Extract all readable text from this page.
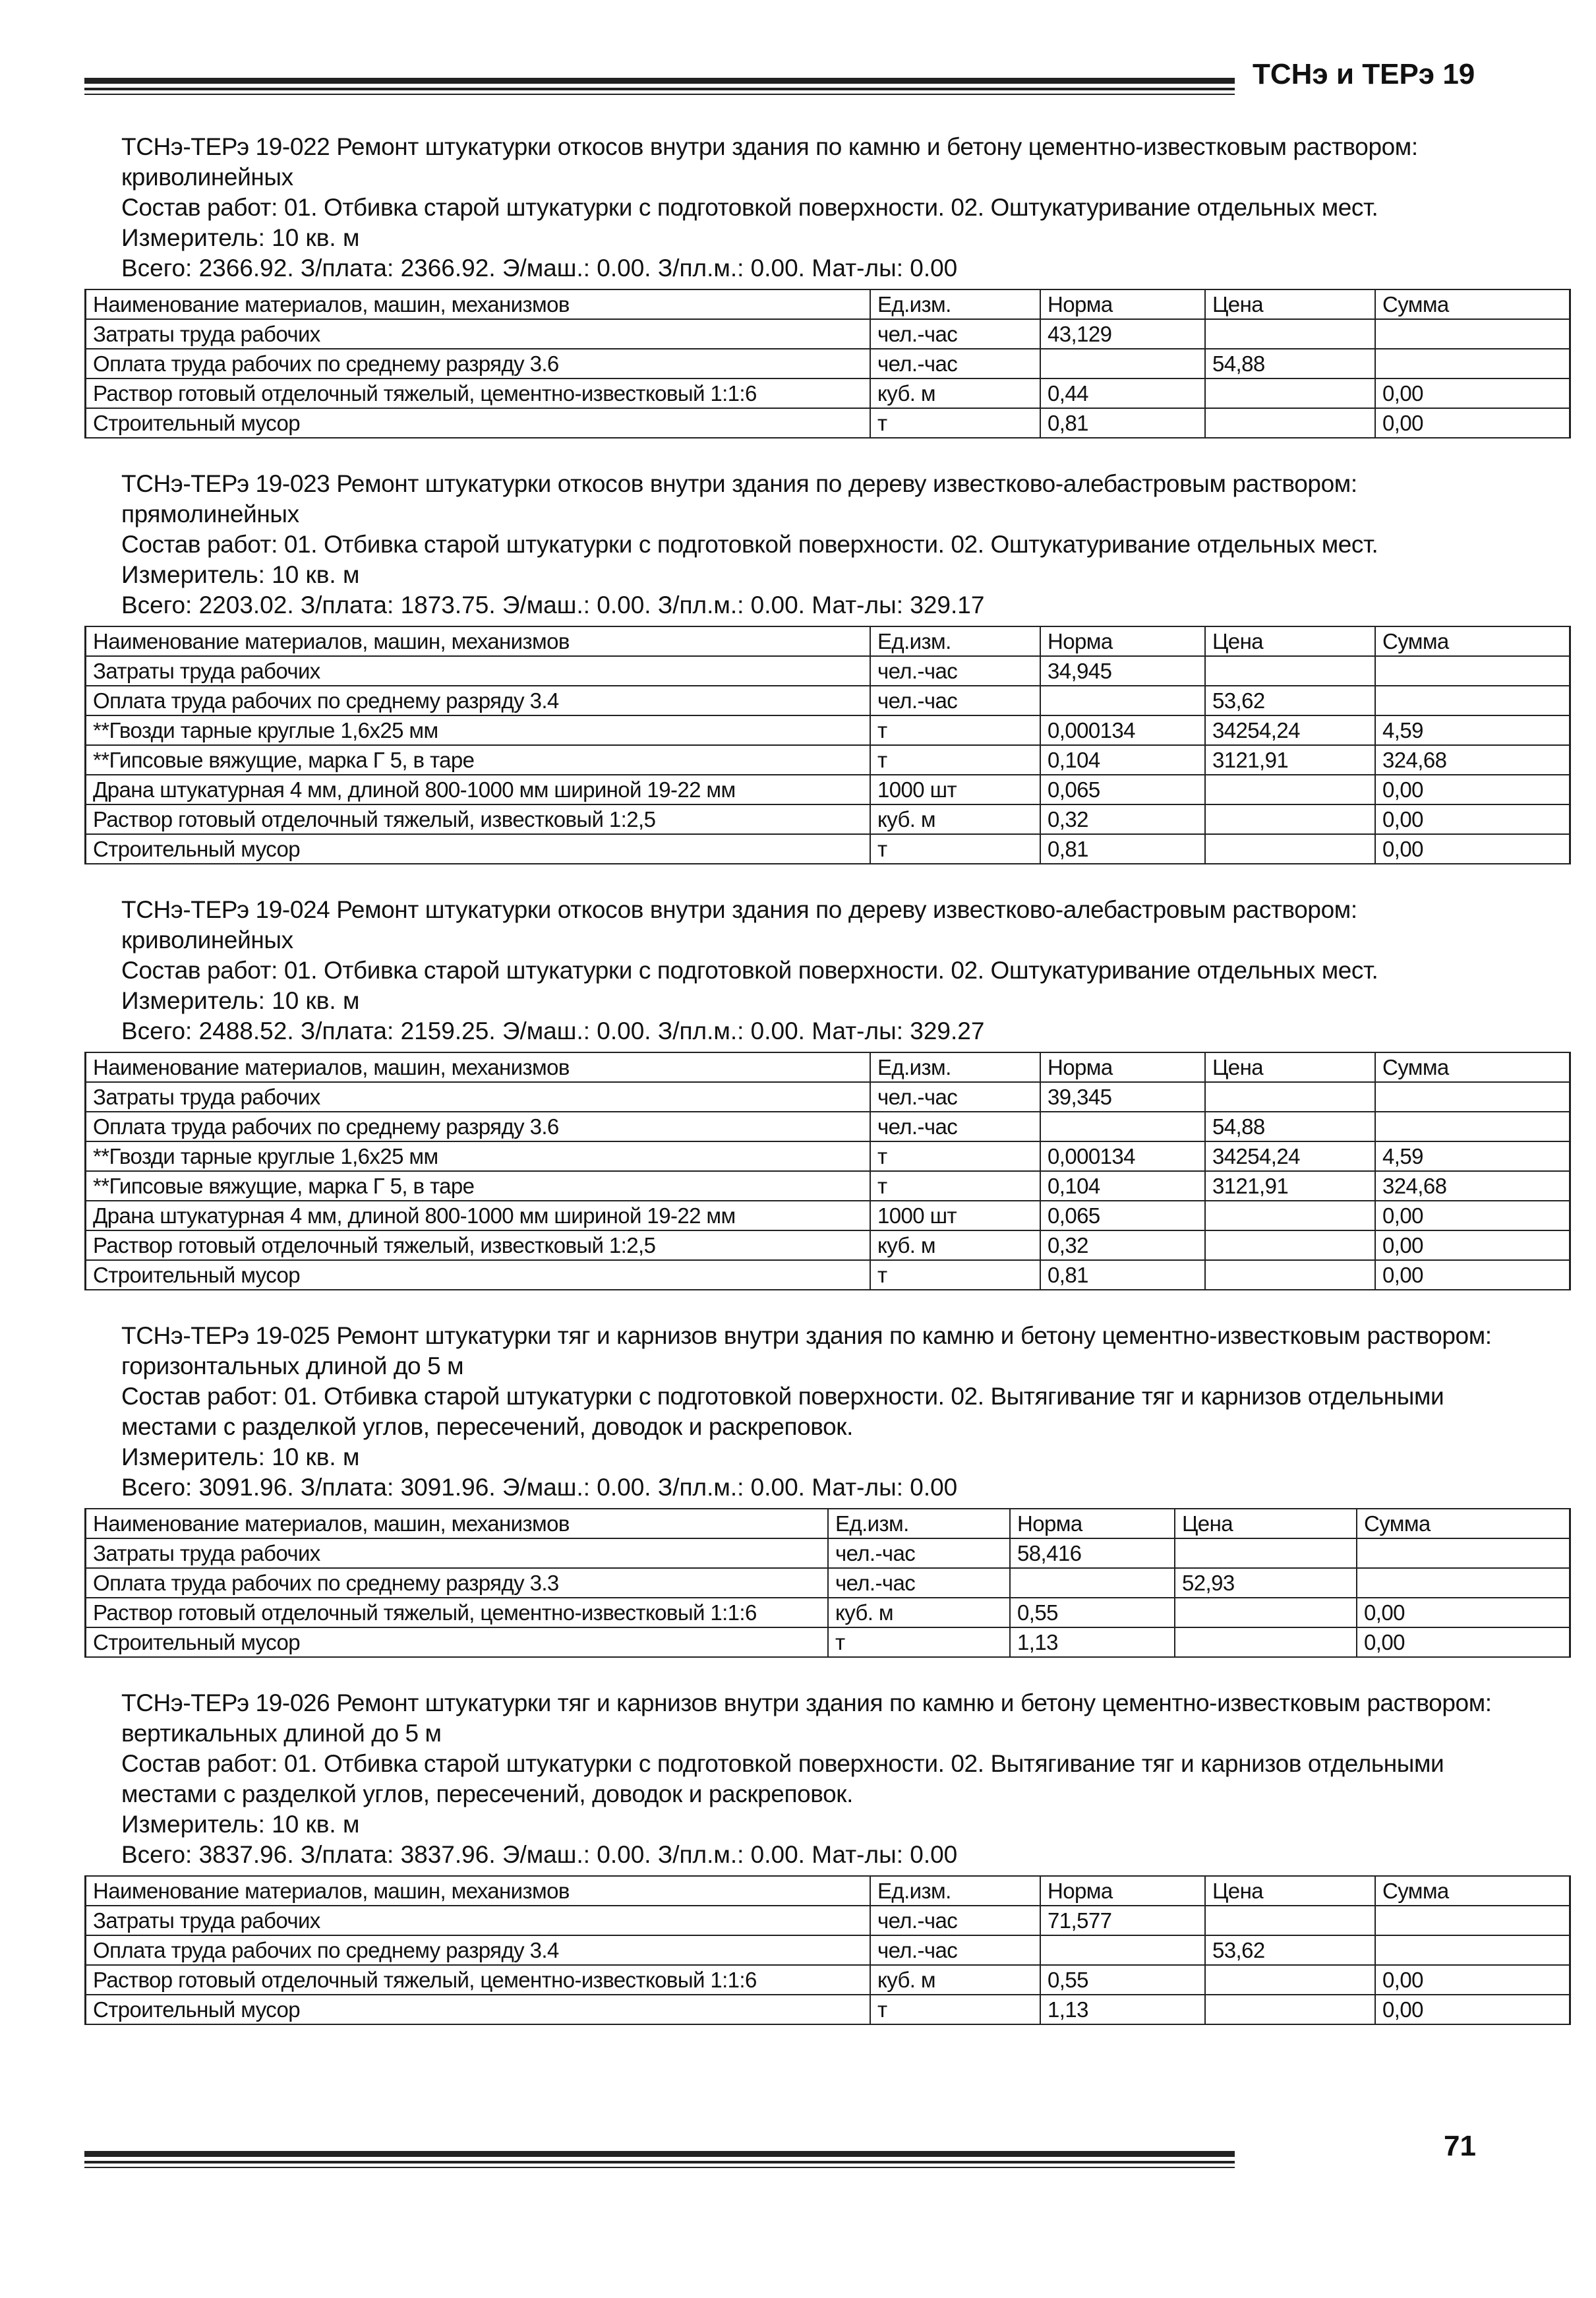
ТСНэ и ТЕРэ 19
ТСНэ-ТЕРэ 19-022 Ремонт штукатурки откосов внутри здания по камню и бетону цементно-известковым раствором: криволинейных
Состав работ: 01. Отбивка старой штукатурки с подготовкой поверхности. 02. Оштукатуривание отдельных мест.
Измеритель: 10 кв. м
Всего: 2366.92. З/плата: 2366.92. Э/маш.: 0.00. З/пл.м.: 0.00. Мат-лы: 0.00
Наименование материалов, машин, механизмов	Ед.изм.	Норма	Цена	Сумма
Затраты труда рабочих	чел.-час	43,129		
Оплата труда рабочих по среднему разряду 3.6	чел.-час		54,88	
Раствор готовый отделочный тяжелый, цементно-известковый 1:1:6	куб. м	0,44		0,00
Строительный мусор	т	0,81		0,00
ТСНэ-ТЕРэ 19-023 Ремонт штукатурки откосов внутри здания по дереву известково-алебастровым раствором: прямолинейных
Состав работ: 01. Отбивка старой штукатурки с подготовкой поверхности. 02. Оштукатуривание отдельных мест.
Измеритель: 10 кв. м
Всего: 2203.02. З/плата: 1873.75. Э/маш.: 0.00. З/пл.м.: 0.00. Мат-лы: 329.17
Наименование материалов, машин, механизмов	Ед.изм.	Норма	Цена	Сумма
Затраты труда рабочих	чел.-час	34,945		
Оплата труда рабочих по среднему разряду 3.4	чел.-час		53,62	
**Гвозди тарные круглые 1,6x25 мм	т	0,000134	34254,24	4,59
**Гипсовые вяжущие, марка Г 5, в таре	т	0,104	3121,91	324,68
Драна штукатурная 4 мм, длиной 800-1000 мм шириной 19-22 мм	1000 шт	0,065		0,00
Раствор готовый отделочный тяжелый, известковый 1:2,5	куб. м	0,32		0,00
Строительный мусор	т	0,81		0,00
ТСНэ-ТЕРэ 19-024 Ремонт штукатурки откосов внутри здания по дереву известково-алебастровым раствором: криволинейных
Состав работ: 01. Отбивка старой штукатурки с подготовкой поверхности. 02. Оштукатуривание отдельных мест.
Измеритель: 10 кв. м
Всего: 2488.52. З/плата: 2159.25. Э/маш.: 0.00. З/пл.м.: 0.00. Мат-лы: 329.27
Наименование материалов, машин, механизмов	Ед.изм.	Норма	Цена	Сумма
Затраты труда рабочих	чел.-час	39,345		
Оплата труда рабочих по среднему разряду 3.6	чел.-час		54,88	
**Гвозди тарные круглые 1,6x25 мм	т	0,000134	34254,24	4,59
**Гипсовые вяжущие, марка Г 5, в таре	т	0,104	3121,91	324,68
Драна штукатурная 4 мм, длиной 800-1000 мм шириной 19-22 мм	1000 шт	0,065		0,00
Раствор готовый отделочный тяжелый, известковый 1:2,5	куб. м	0,32		0,00
Строительный мусор	т	0,81		0,00
ТСНэ-ТЕРэ 19-025 Ремонт штукатурки тяг и карнизов внутри здания по камню и бетону цементно-известковым раствором: горизонтальных длиной до 5 м
Состав работ: 01. Отбивка старой штукатурки с подготовкой поверхности. 02. Вытягивание тяг и карнизов отдельными местами с разделкой углов, пересечений, доводок и раскреповок.
Измеритель: 10 кв. м
Всего: 3091.96. З/плата: 3091.96. Э/маш.: 0.00. З/пл.м.: 0.00. Мат-лы: 0.00
Наименование материалов, машин, механизмов	Ед.изм.	Норма	Цена	Сумма
Затраты труда рабочих	чел.-час	58,416		
Оплата труда рабочих по среднему разряду 3.3	чел.-час		52,93	
Раствор готовый отделочный тяжелый, цементно-известковый 1:1:6	куб. м	0,55		0,00
Строительный мусор	т	1,13		0,00
ТСНэ-ТЕРэ 19-026 Ремонт штукатурки тяг и карнизов внутри здания по камню и бетону цементно-известковым раствором: вертикальных длиной до 5 м
Состав работ: 01. Отбивка старой штукатурки с подготовкой поверхности. 02. Вытягивание тяг и карнизов отдельными местами с разделкой углов, пересечений, доводок и раскреповок.
Измеритель: 10 кв. м
Всего: 3837.96. З/плата: 3837.96. Э/маш.: 0.00. З/пл.м.: 0.00. Мат-лы: 0.00
Наименование материалов, машин, механизмов	Ед.изм.	Норма	Цена	Сумма
Затраты труда рабочих	чел.-час	71,577		
Оплата труда рабочих по среднему разряду 3.4	чел.-час		53,62	
Раствор готовый отделочный тяжелый, цементно-известковый 1:1:6	куб. м	0,55		0,00
Строительный мусор	т	1,13		0,00
71
